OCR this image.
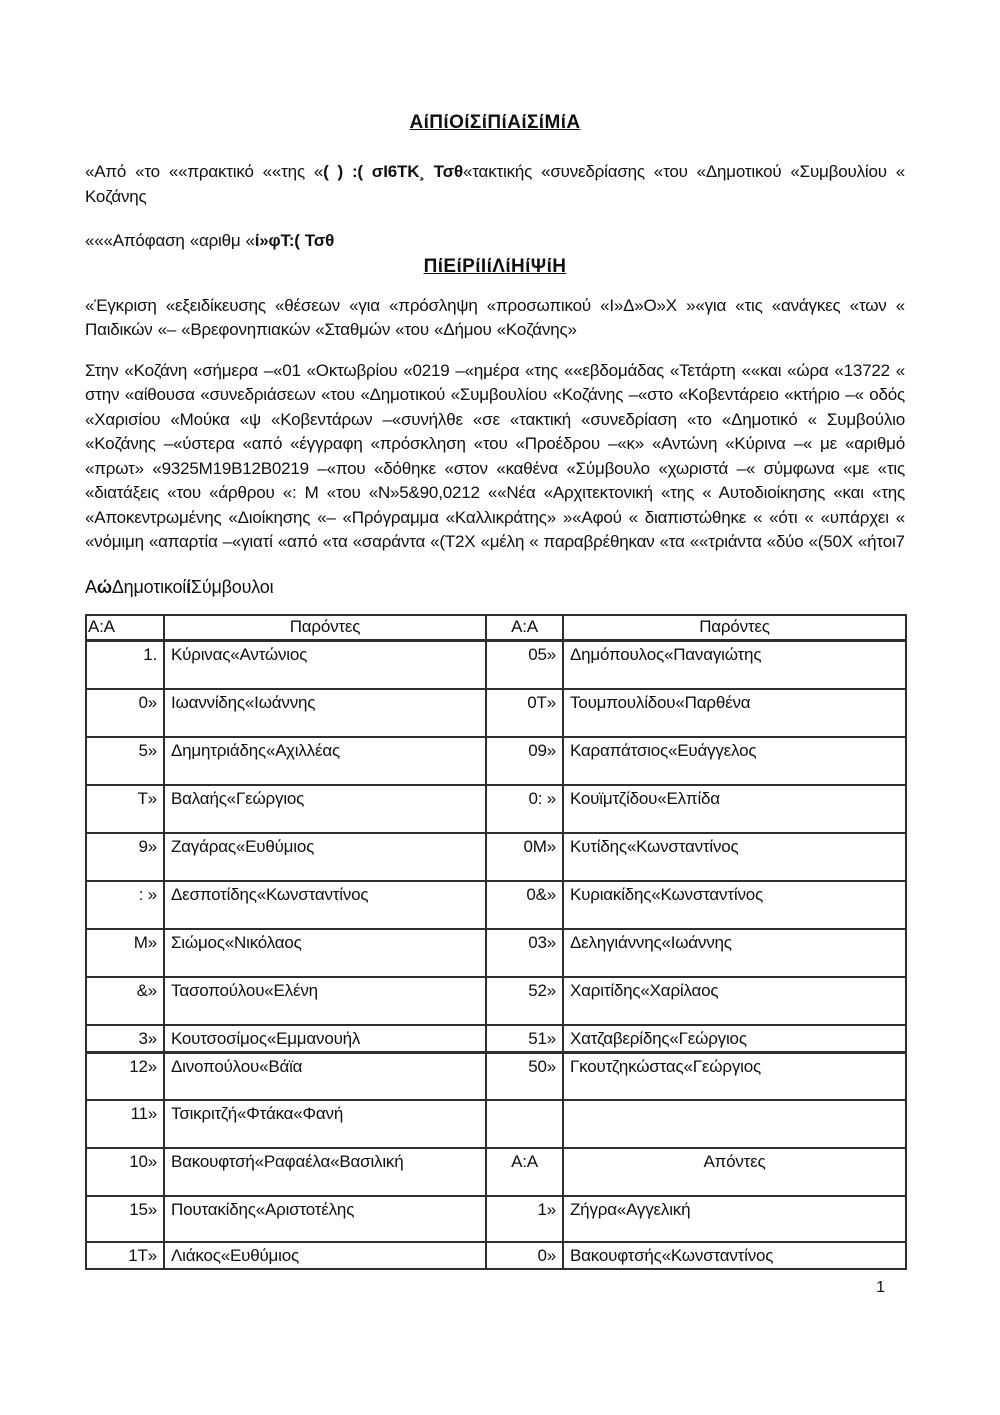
ΑίΠίΟίΣίΠίΑίΣίΜίΑ

«Από «το ««πρακτικό ««της «( ) :( σΙ6ΤΚ¸ Τσθ«τακτικής «συνεδρίασης «του «Δημοτικού «Συμβουλίου « Κοζάνης

«««Απόφαση «αριθμ «ί»φΤ:( Τσθ

ΠίΕίΡίΙίΛίΗίΨίΗ

«Έγκριση «εξειδίκευσης «θέσεων «για «πρόσληψη «προσωπικού «Ι»Δ»Ο»Χ »«για «τις «ανάγκες «των « Παιδικών «– «Βρεφονηπιακών «Σταθμών «του «Δήμου «Κοζάνης»

Στην «Κοζάνη «σήμερα –«01 «Οκτωβρίου «0219 –«ημέρα «της ««εβδομάδας «Τετάρτη ««και «ώρα «13722 « στην «αίθουσα «συνεδριάσεων «του «Δημοτικού «Συμβουλίου «Κοζάνης –«στο «Κοβεντάρειο «κτήριο –« οδός «Χαρισίου «Μούκα «ψ «Κοβεντάρων –«συνήλθε «σε «τακτική «συνεδρίαση «το «Δημοτικό « Συμβούλιο «Κοζάνης –«ύστερα «από «έγγραφη «πρόσκληση «του «Προέδρου –«κ» «Αντώνη «Κύρινα –« με «αριθμό «πρωτ» «9325Μ19Β12Β0219 –«που «δόθηκε «στον «καθένα «Σύμβουλο «χωριστά –« σύμφωνα «με «τις «διατάξεις «του «άρθρου «: Μ «του «Ν»5&90,0212 ««Νέα «Αρχιτεκτονική «της « Αυτοδιοίκησης «και «της «Αποκεντρωμένης «Διοίκησης «– «Πρόγραμμα «Καλλικράτης» »«Αφού « διαπιστώθηκε « «ότι « «υπάρχει « «νόμιμη «απαρτία –«γιατί «από «τα «σαράντα «(Τ2Χ «μέλη « παραβρέθηκαν «τα ««τριάντα «δύο «(50Χ «ήτοι7

ΑώΔημοτικοίίΣύμβουλοι
Α:Α	Παρόντες	Α:Α	Παρόντες
1.	Κύρινας«Αντώνιος	05»	Δημόπουλος«Παναγιώτης
0»	Ιωαννίδης«Ιωάννης	0Τ»	Τουμπουλίδου«Παρθένα
5»	Δημητριάδης«Αχιλλέας	09»	Καραπάτσιος«Ευάγγελος
Τ»	Βαλαής«Γεώργιος	0: »	Κουϊμτζίδου«Ελπίδα
9»	Ζαγάρας«Ευθύμιος	0Μ»	Κυτίδης«Κωνσταντίνος
: »	Δεσποτίδης«Κωνσταντίνος	0&»	Κυριακίδης«Κωνσταντίνος
Μ»	Σιώμος«Νικόλαος	03»	Δεληγιάννης«Ιωάννης
&»	Τασοπούλου«Ελένη	52»	Χαριτίδης«Χαρίλαος
3»	Κουτσοσίμος«Εμμανουήλ	51»	Χατζαβερίδης«Γεώργιος
12»	Δινοπούλου«Βάϊα	50»	Γκουτζηκώστας«Γεώργιος
11»	Τσικριτζή«Φτάκα«Φανή		
10»	Βακουφτσή«Ραφαέλα«Βασιλική	Α:Α	Απόντες
15»	Πουτακίδης«Αριστοτέλης	1»	Ζήγρα«Αγγελική
1Τ»	Λιάκος«Ευθύμιος	0»	Βακουφτσής«Κωνσταντίνος
1
